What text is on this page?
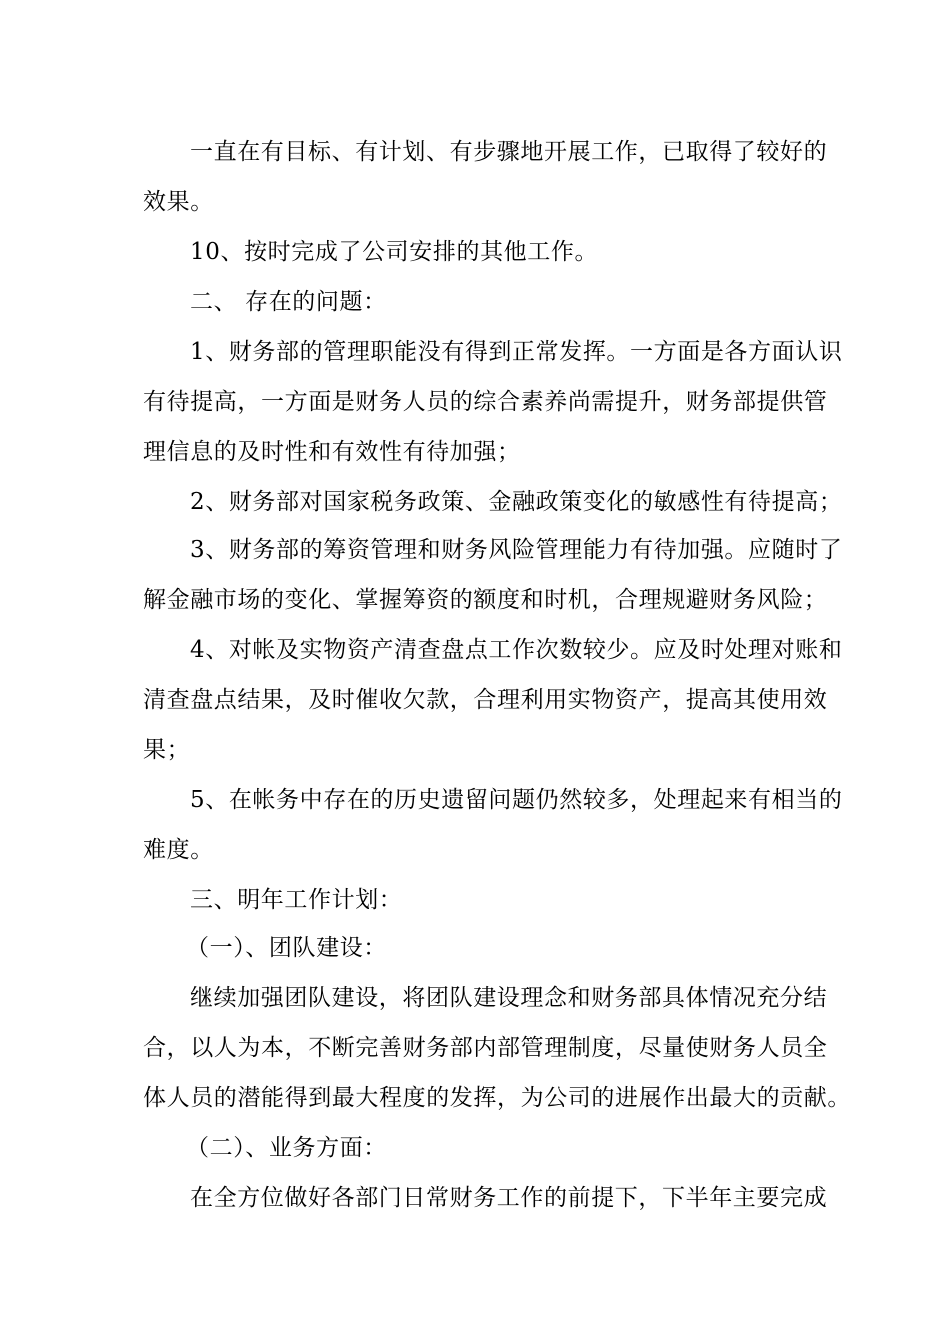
一直在有目标、有计划、有步骤地开展工作，已取得了较好的
效果。
10、按时完成了公司安排的其他工作。
二、 存在的问题：
1、财务部的管理职能没有得到正常发挥。一方面是各方面认识
有待提高，一方面是财务人员的综合素养尚需提升，财务部提供管
理信息的及时性和有效性有待加强；
2、财务部对国家税务政策、金融政策变化的敏感性有待提高；
3、财务部的筹资管理和财务风险管理能力有待加强。应随时了
解金融市场的变化、掌握筹资的额度和时机，合理规避财务风险；
4、对帐及实物资产清查盘点工作次数较少。应及时处理对账和
清查盘点结果，及时催收欠款，合理利用实物资产，提高其使用效
果；
5、在帐务中存在的历史遗留问题仍然较多，处理起来有相当的
难度。
三、明年工作计划：
（一）、团队建设：
继续加强团队建设，将团队建设理念和财务部具体情况充分结
合，以人为本，不断完善财务部内部管理制度，尽量使财务人员全
体人员的潜能得到最大程度的发挥，为公司的进展作出最大的贡献。
（二）、业务方面：
在全方位做好各部门日常财务工作的前提下，下半年主要完成
